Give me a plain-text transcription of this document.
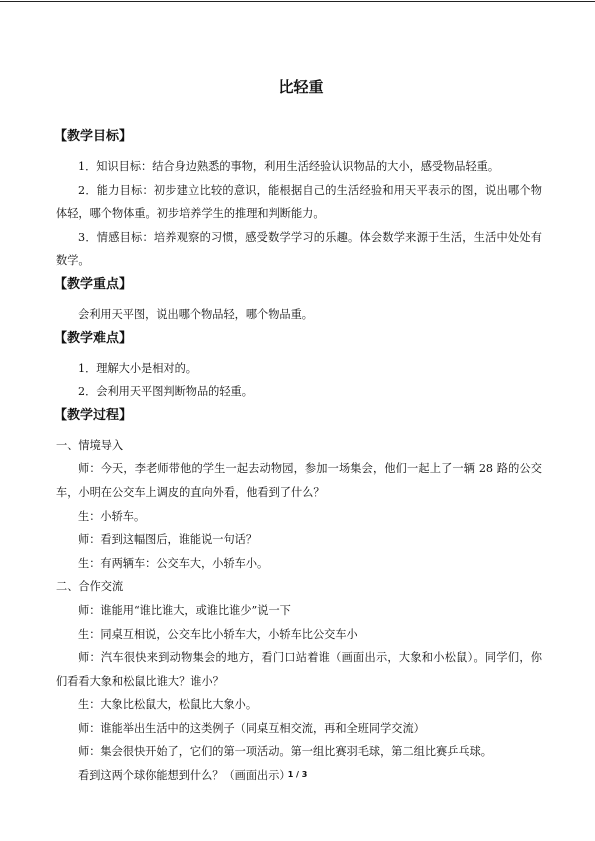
比轻重
【教学目标】

1．知识目标：结合身边熟悉的事物，利用生活经验认识物品的大小，感受物品轻重。

2．能力目标：初步建立比较的意识，能根据自己的生活经验和用天平表示的图，说出哪个物体轻，哪个物体重。初步培养学生的推理和判断能力。

3．情感目标：培养观察的习惯，感受数学学习的乐趣。体会数学来源于生活，生活中处处有数学。

【教学重点】

会利用天平图，说出哪个物品轻，哪个物品重。

【教学难点】

1．理解大小是相对的。

2．会利用天平图判断物品的轻重。

【教学过程】

一、情境导入

师：今天，李老师带他的学生一起去动物园，参加一场集会，他们一起上了一辆 28 路的公交车，小明在公交车上调皮的直向外看，他看到了什么？

生：小轿车。

师：看到这幅图后，谁能说一句话？

生：有两辆车：公交车大，小轿车小。

二、合作交流

师：谁能用“谁比谁大，或谁比谁少”说一下

生：同桌互相说，公交车比小轿车大，小轿车比公交车小

师：汽车很快来到动物集会的地方，看门口站着谁（画面出示，大象和小松鼠）。同学们，你们看看大象和松鼠比谁大？谁小？

生：大象比松鼠大，松鼠比大象小。

师：谁能举出生活中的这类例子（同桌互相交流，再和全班同学交流）

师：集会很快开始了，它们的第一项活动。第一组比赛羽毛球，第二组比赛乒乓球。

看到这两个球你能想到什么？（画面出示）

1 / 3
